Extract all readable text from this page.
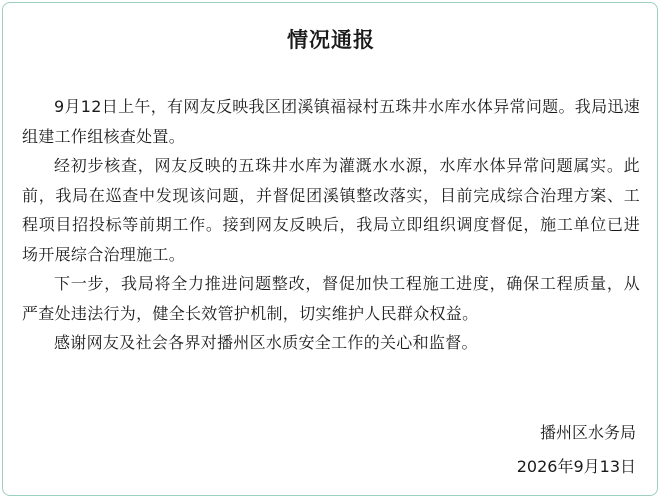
情况通报

9月12日上午，有网友反映我区团溪镇福禄村五珠井水库水体异常问题。我局迅速组建工作组核查处置。

经初步核查，网友反映的五珠井水库为灌溉水水源，水库水体异常问题属实。此前，我局在巡查中发现该问题，并督促团溪镇整改落实，目前完成综合治理方案、工程项目招投标等前期工作。接到网友反映后，我局立即组织调度督促，施工单位已进场开展综合治理施工。

下一步，我局将全力推进问题整改，督促加快工程施工进度，确保工程质量，从严查处违法行为，健全长效管护机制，切实维护人民群众权益。

感谢网友及社会各界对播州区水质安全工作的关心和监督。

播州区水务局
2026年9月13日
